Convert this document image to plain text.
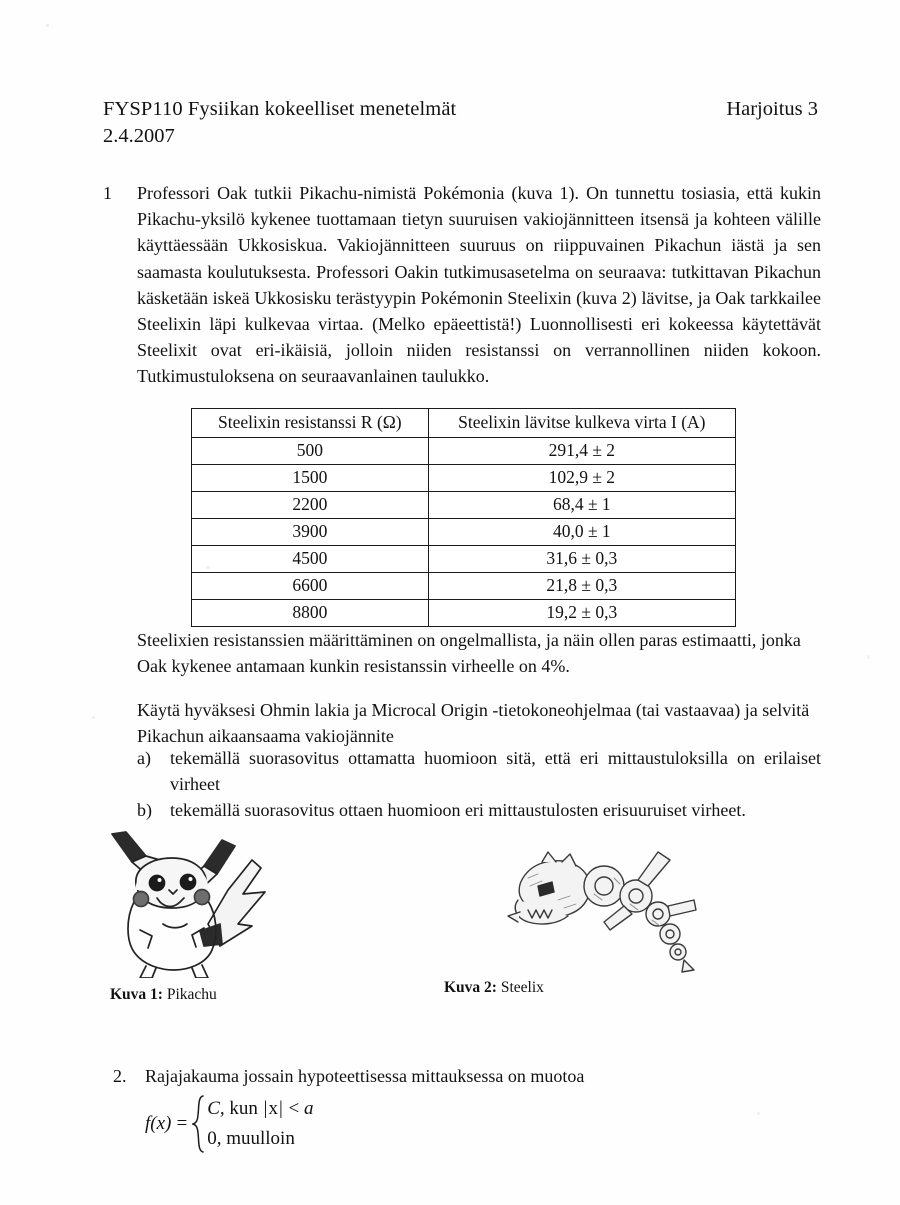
FYSP110 Fysiikan kokeelliset menetelmät	Harjoitus 3
2.4.2007
1	Professori Oak tutkii Pikachu-nimistä Pokémonia (kuva 1). On tunnettu tosiasia, että kukin Pikachu-yksilö kykenee tuottamaan tietyn suuruisen vakiojännitteen itsensä ja kohteen välille käyttäessään Ukkosiskua. Vakiojännitteen suuruus on riippuvainen Pikachun iästä ja sen saamasta koulutuksesta. Professori Oakin tutkimusasetelma on seuraava: tutkittavan Pikachun käsketään iskeä Ukkosisku terästyypin Pokémonin Steelixin (kuva 2) lävitse, ja Oak tarkkailee Steelixin läpi kulkevaa virtaa. (Melko epäeettistä!) Luonnollisesti eri kokeessa käytettävät Steelixit ovat eri-ikäisiä, jolloin niiden resistanssi on verrannollinen niiden kokoon. Tutkimustuloksena on seuraavanlainen taulukko.
Steelixin resistanssi R (Ω)	Steelixin lävitse kulkeva virta I (A)
500	291,4 ± 2
1500	102,9 ± 2
2200	68,4 ± 1
3900	40,0 ± 1
4500	31,6 ± 0,3
6600	21,8 ± 0,3
8800	19,2 ± 0,3
Steelixien resistanssien määrittäminen on ongelmallista, ja näin ollen paras estimaatti, jonka Oak kykenee antamaan kunkin resistanssin virheelle on 4%.
Käytä hyväksesi Ohmin lakia ja Microcal Origin -tietokoneohjelmaa (tai vastaavaa) ja selvitä Pikachun aikaansaama vakiojännite
a) tekemällä suorasovitus ottamatta huomioon sitä, että eri mittaustuloksilla on erilaiset virheet
b) tekemällä suorasovitus ottaen huomioon eri mittaustulosten erisuuruiset virheet.
Kuva 1: Pikachu	Kuva 2: Steelix
2. Rajajakauma jossain hypoteettisessa mittauksessa on muotoa
f(x) =
C, kun |x| < a
0, muulloin
